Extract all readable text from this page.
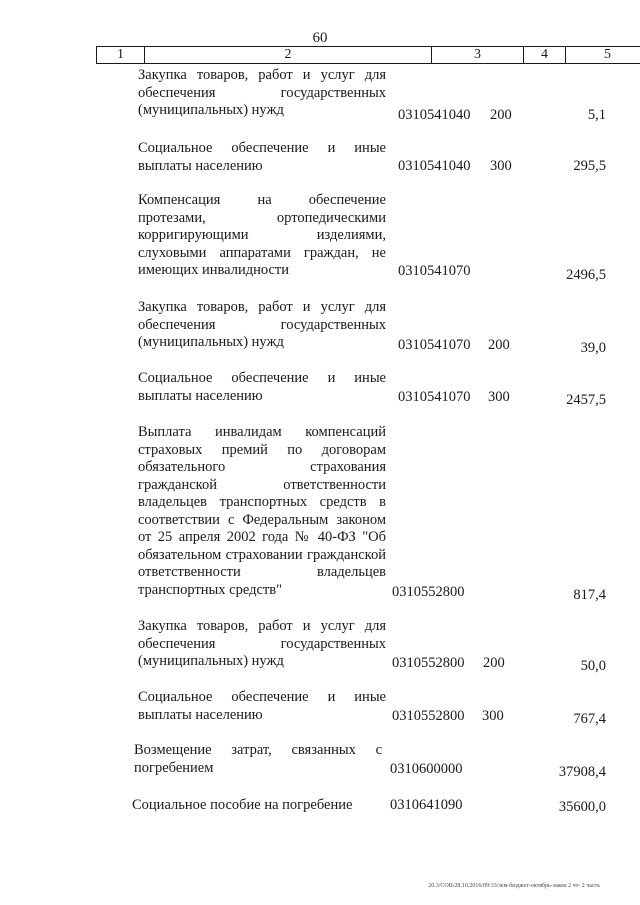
60
1	2	3	4	5
Закупка товаров, работ и услуг для обеспечения государственных (муниципальных) нужд	0310541040 200	5,1
Социальное обеспечение и иные выплаты населению	0310541040 300	295,5
Компенсация на обеспечение протезами, ортопедическими корригирующими изделиями, слуховыми аппаратами граждан, не имеющих инвалидности	0310541070	2496,5
Закупка товаров, работ и услуг для обеспечения государственных (муниципальных) нужд	0310541070 200	39,0
Социальное обеспечение и иные выплаты населению	0310541070 300	2457,5
Выплата инвалидам компенсаций страховых премий по договорам обязательного страхования гражданской ответственности владельцев транспортных средств в соответствии с Федеральным законом от 25 апреля 2002 года № 40-ФЗ "Об обязательном страховании гражданской ответственности владельцев транспортных средств"	0310552800	817,4
Закупка товаров, работ и услуг для обеспечения государственных (муниципальных) нужд	0310552800 200	50,0
Социальное обеспечение и иные выплаты населению	0310552800 300	767,4
Возмещение затрат, связанных с погребением	0310600000	37908,4
Социальное пособие на погребение	0310641090	35600,0
20.3/СОВ/28.10.2016/09:33/зем-бюджет-октябрь-закон 2 чт- 2 часть
